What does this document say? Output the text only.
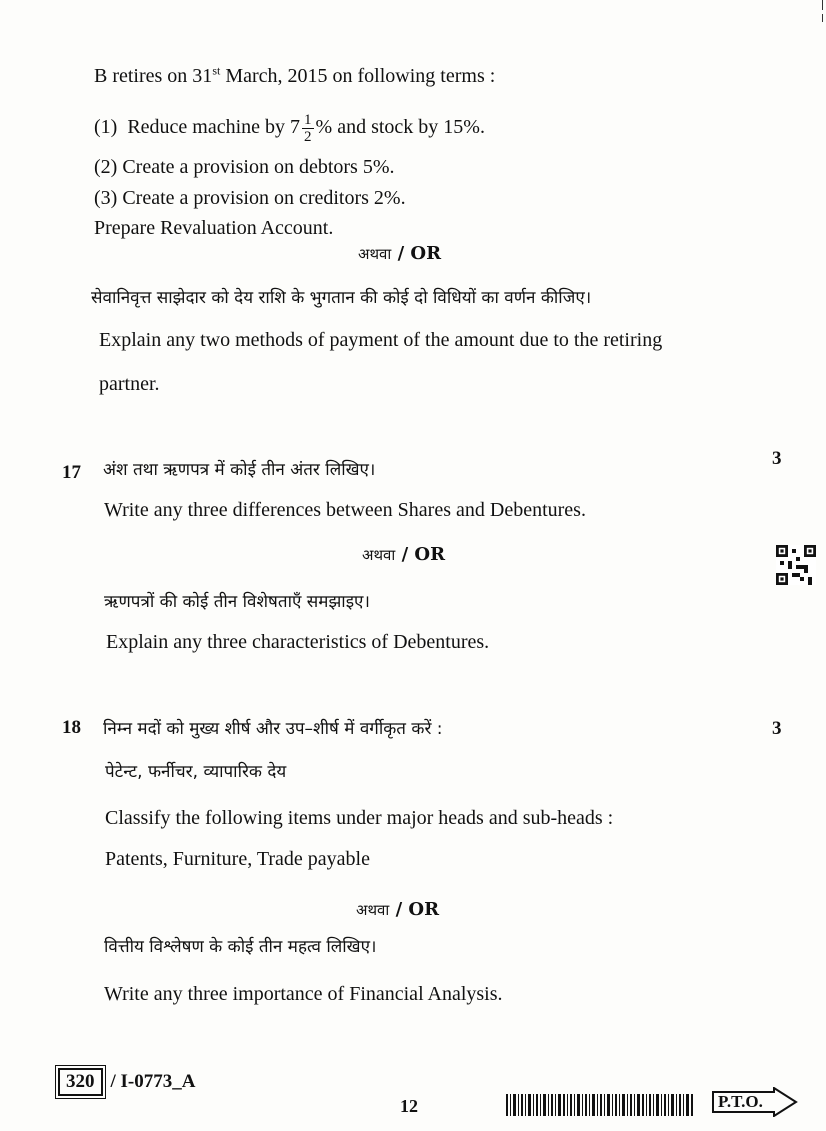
B retires on 31st March, 2015 on following terms :
(1) Reduce machine by $7 \frac{1}{2}$ % and stock by 15%.
(2) Create a provision on debtors 5%.
(3) Create a provision on creditors 2%.
Prepare Revaluation Account.
अथवा / OR
सेवानिवृत्त साझेदार को देय राशि के भुगतान की कोई दो विधियों का वर्णन कीजिए।
Explain any two methods of payment of the amount due to the retiring
partner.
17
3
अंश तथा ऋणपत्र में कोई तीन अंतर लिखिए।
Write any three differences between Shares and Debentures.
अथवा / OR
ऋणपत्रों की कोई तीन विशेषताएँ समझाइए।
Explain any three characteristics of Debentures.
18	3
निम्न मदों को मुख्य शीर्ष और उप–शीर्ष में वर्गीकृत करें :
पेटेन्ट, फर्नीचर, व्यापारिक देय
Classify the following items under major heads and sub-heads :
Patents, Furniture, Trade payable
अथवा / OR
वित्तीय विश्लेषण के कोई तीन महत्व लिखिए।
Write any three importance of Financial Analysis.
320 / I-0773_A
12	P.T.O.
